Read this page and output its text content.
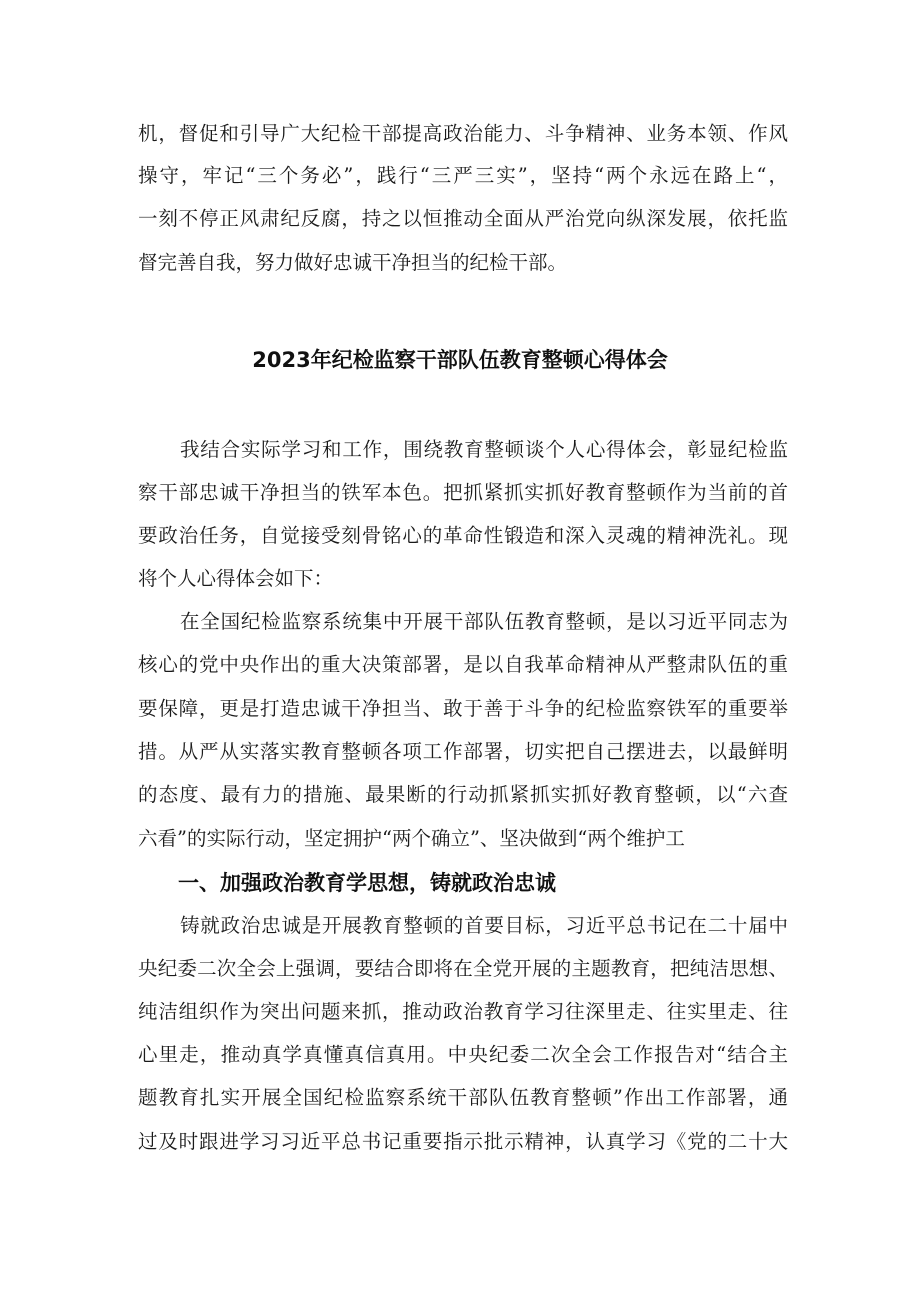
机，督促和引导广大纪检干部提高政治能力、斗争精神、业务本领、作风
操守，牢记“三个务必”，践行“三严三实”，坚持“两个永远在路上“，
一刻不停正风肃纪反腐，持之以恒推动全面从严治党向纵深发展，依托监
督完善自我，努力做好忠诚干净担当的纪检干部。
2023年纪检监察干部队伍教育整顿心得体会
我结合实际学习和工作，围绕教育整顿谈个人心得体会，彰显纪检监
察干部忠诚干净担当的铁军本色。把抓紧抓实抓好教育整顿作为当前的首
要政治任务，自觉接受刻骨铭心的革命性锻造和深入灵魂的精神洗礼。现
将个人心得体会如下：
在全国纪检监察系统集中开展干部队伍教育整顿，是以习近平同志为
核心的党中央作出的重大决策部署，是以自我革命精神从严整肃队伍的重
要保障，更是打造忠诚干净担当、敢于善于斗争的纪检监察铁军的重要举
措。从严从实落实教育整顿各项工作部署，切实把自己摆进去，以最鲜明
的态度、最有力的措施、最果断的行动抓紧抓实抓好教育整顿，以“六查
六看”的实际行动，坚定拥护“两个确立”、坚决做到“两个维护工
一、加强政治教育学思想，铸就政治忠诚
铸就政治忠诚是开展教育整顿的首要目标，习近平总书记在二十届中
央纪委二次全会上强调，要结合即将在全党开展的主题教育，把纯洁思想、
纯洁组织作为突出问题来抓，推动政治教育学习往深里走、往实里走、往
心里走，推动真学真懂真信真用。中央纪委二次全会工作报告对“结合主
题教育扎实开展全国纪检监察系统干部队伍教育整顿”作出工作部署，通
过及时跟进学习习近平总书记重要指示批示精神，认真学习《党的二十大
